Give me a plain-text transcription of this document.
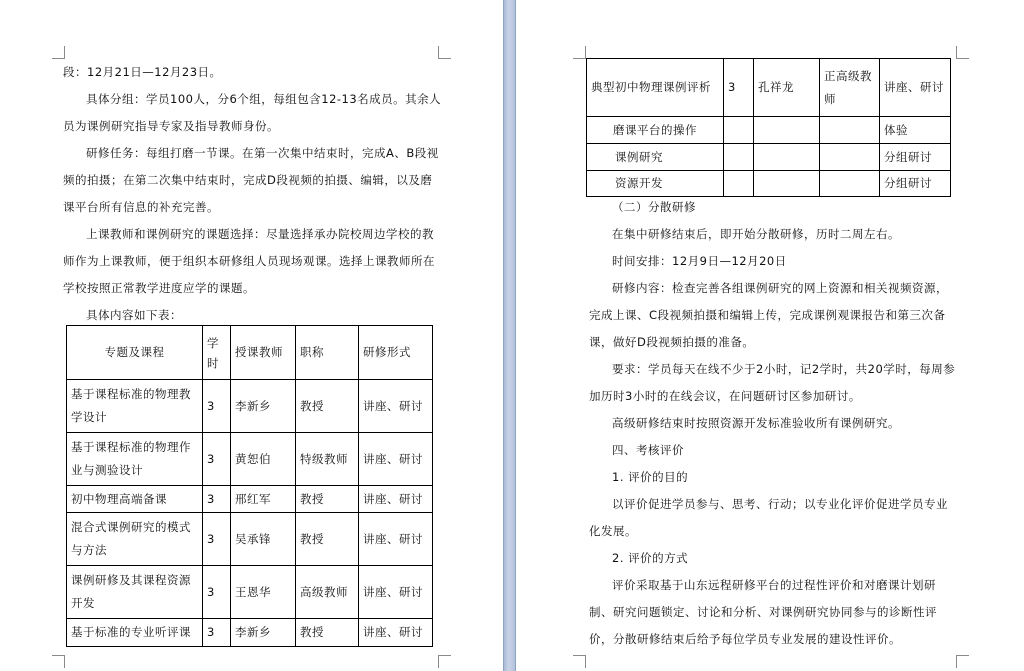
段：12月21日—12月23日。

具体分组：学员100人，分6个组，每组包含12-13名成员。其余人员为课例研究指导专家及指导教师身份。

研修任务：每组打磨一节课。在第一次集中结束时，完成A、B段视频的拍摄；在第二次集中结束时，完成D段视频的拍摄、编辑，以及磨课平台所有信息的补充完善。

上课教师和课例研究的课题选择：尽量选择承办院校周边学校的教师作为上课教师，便于组织本研修组人员现场观课。选择上课教师所在学校按照正常教学进度应学的课题。

具体内容如下表：

专题及课程	学时	授课教师	职称	研修形式
基于课程标准的物理教学设计	3	李新乡	教授	讲座、研讨
基于课程标准的物理作业与测验设计	3	黄恕伯	特级教师	讲座、研讨
初中物理高端备课	3	邢红军	教授	讲座、研讨
混合式课例研究的模式与方法	3	吴承锋	教授	讲座、研讨
课例研修及其课程资源开发	3	王恩华	高级教师	讲座、研讨
基于标准的专业听评课	3	李新乡	教授	讲座、研讨
典型初中物理课例评析	3	孔祥龙	正高级教师	讲座、研讨
磨课平台的操作				体验
课例研究				分组研讨
资源开发				分组研讨

（二）分散研修

在集中研修结束后，即开始分散研修，历时二周左右。

时间安排：12月9日—12月20日

研修内容：检查完善各组课例研究的网上资源和相关视频资源，完成上课、C段视频拍摄和编辑上传，完成课例观课报告和第三次备课，做好D段视频拍摄的准备。

要求：学员每天在线不少于2小时，记2学时，共20学时，每周参加历时3小时的在线会议，在问题研讨区参加研讨。

高级研修结束时按照资源开发标准验收所有课例研究。

四、考核评价

1. 评价的目的

以评价促进学员参与、思考、行动；以专业化评价促进学员专业化发展。

2. 评价的方式

评价采取基于山东远程研修平台的过程性评价和对磨课计划研制、研究问题锁定、讨论和分析、对课例研究协同参与的诊断性评价，分散研修结束后给予每位学员专业发展的建设性评价。
